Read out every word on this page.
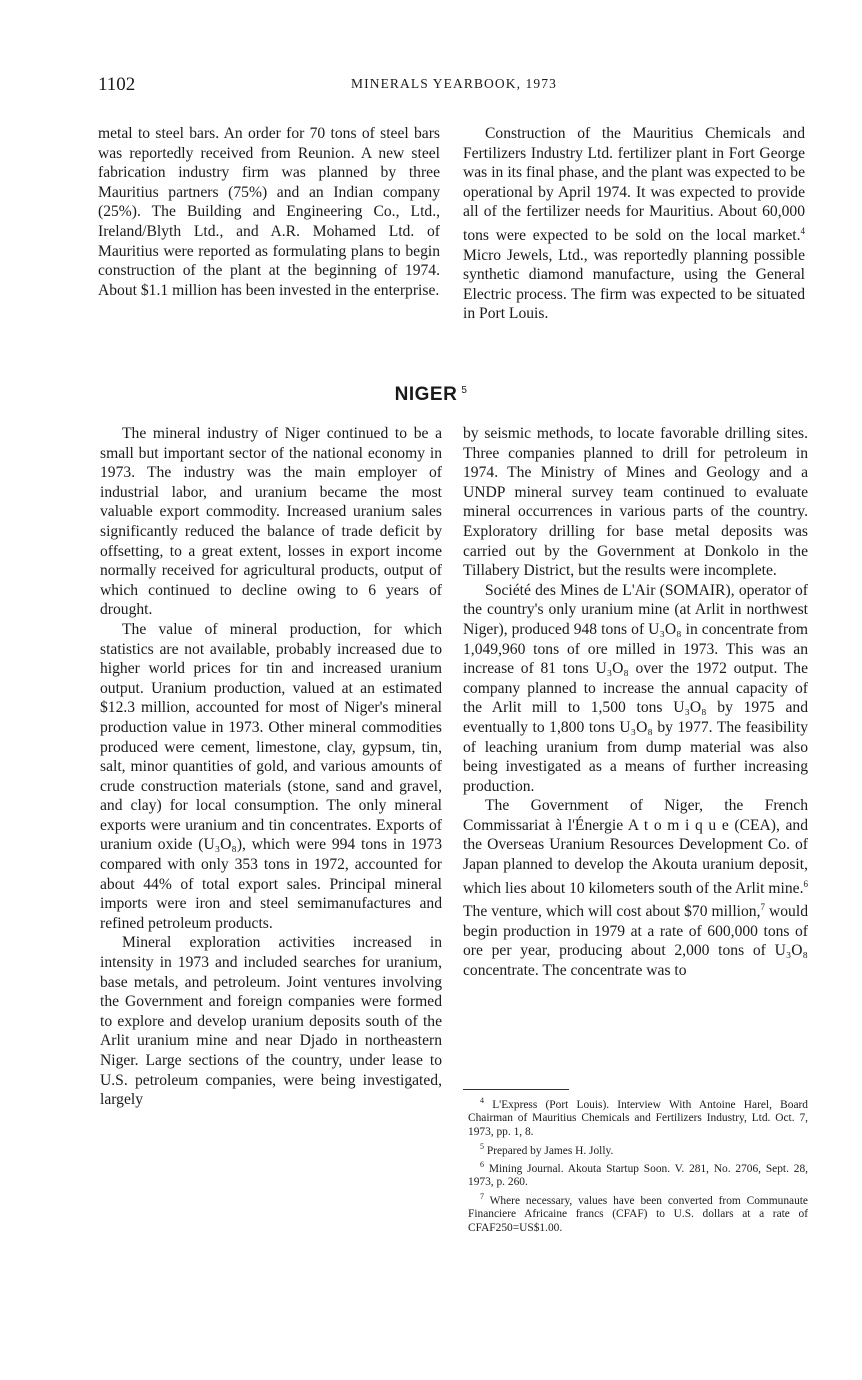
1102	MINERALS YEARBOOK, 1973

metal to steel bars. An order for 70 tons of steel bars was reportedly received from Reunion. A new steel fabrication industry firm was planned by three Mauritius partners (75%) and an Indian company (25%). The Building and Engineering Co., Ltd., Ireland/Blyth Ltd., and A.R. Mohamed Ltd. of Mauritius were reported as formulating plans to begin construction of the plant at the beginning of 1974. About $1.1 million has been invested in the enterprise.

Construction of the Mauritius Chemicals and Fertilizers Industry Ltd. fertilizer plant in Fort George was in its final phase, and the plant was expected to be operational by April 1974. It was expected to provide all of the fertilizer needs for Mauritius. About 60,000 tons were expected to be sold on the local market.$^4$ Micro Jewels, Ltd., was reportedly planning possible synthetic diamond manufacture, using the General Electric process. The firm was expected to be situated in Port Louis.

NIGER $^5$

The mineral industry of Niger continued to be a small but important sector of the national economy in 1973. The industry was the main employer of industrial labor, and uranium became the most valuable export commodity. Increased uranium sales significantly reduced the balance of trade deficit by offsetting, to a great extent, losses in export income normally received for agricultural products, output of which continued to decline owing to 6 years of drought.

The value of mineral production, for which statistics are not available, probably increased due to higher world prices for tin and increased uranium output. Uranium production, valued at an estimated $12.3 million, accounted for most of Niger's mineral production value in 1973. Other mineral commodities produced were cement, limestone, clay, gypsum, tin, salt, minor quantities of gold, and various amounts of crude construction materials (stone, sand and gravel, and clay) for local consumption. The only mineral exports were uranium and tin concentrates. Exports of uranium oxide (U₃O₈), which were 994 tons in 1973 compared with only 353 tons in 1972, accounted for about 44% of total export sales. Principal mineral imports were iron and steel semimanufactures and refined petroleum products.

Mineral exploration activities increased in intensity in 1973 and included searches for uranium, base metals, and petroleum. Joint ventures involving the Government and foreign companies were formed to explore and develop uranium deposits south of the Arlit uranium mine and near Djado in northeastern Niger. Large sections of the country, under lease to U.S. petroleum companies, were being investigated, largely

by seismic methods, to locate favorable drilling sites. Three companies planned to drill for petroleum in 1974. The Ministry of Mines and Geology and a UNDP mineral survey team continued to evaluate mineral occurrences in various parts of the country. Exploratory drilling for base metal deposits was carried out by the Government at Donkolo in the Tillabery District, but the results were incomplete.

Société des Mines de L'Air (SOMAIR), operator of the country's only uranium mine (at Arlit in northwest Niger), produced 948 tons of U₃O₈ in concentrate from 1,049,960 tons of ore milled in 1973. This was an increase of 81 tons U₃O₈ over the 1972 output. The company planned to increase the annual capacity of the Arlit mill to 1,500 tons U₃O₈ by 1975 and eventually to 1,800 tons U₃O₈ by 1977. The feasibility of leaching uranium from dump material was also being investigated as a means of further increasing production.

The Government of Niger, the French Commissariat à l'Énergie A t o m i q u e (CEA), and the Overseas Uranium Resources Development Co. of Japan planned to develop the Akouta uranium deposit, which lies about 10 kilometers south of the Arlit mine.$^6$ The venture, which will cost about $70 million,$^7$ would begin production in 1979 at a rate of 600,000 tons of ore per year, producing about 2,000 tons of U₃O₈ concentrate. The concentrate was to

$^4$ L'Express (Port Louis). Interview With Antoine Harel, Board Chairman of Mauritius Chemicals and Fertilizers Industry, Ltd. Oct. 7, 1973, pp. 1, 8.

$^5$ Prepared by James H. Jolly.

$^6$ Mining Journal. Akouta Startup Soon. V. 281, No. 2706, Sept. 28, 1973, p. 260.

$^7$ Where necessary, values have been converted from Communaute Financiere Africaine francs (CFAF) to U.S. dollars at a rate of CFAF250=US$1.00.
